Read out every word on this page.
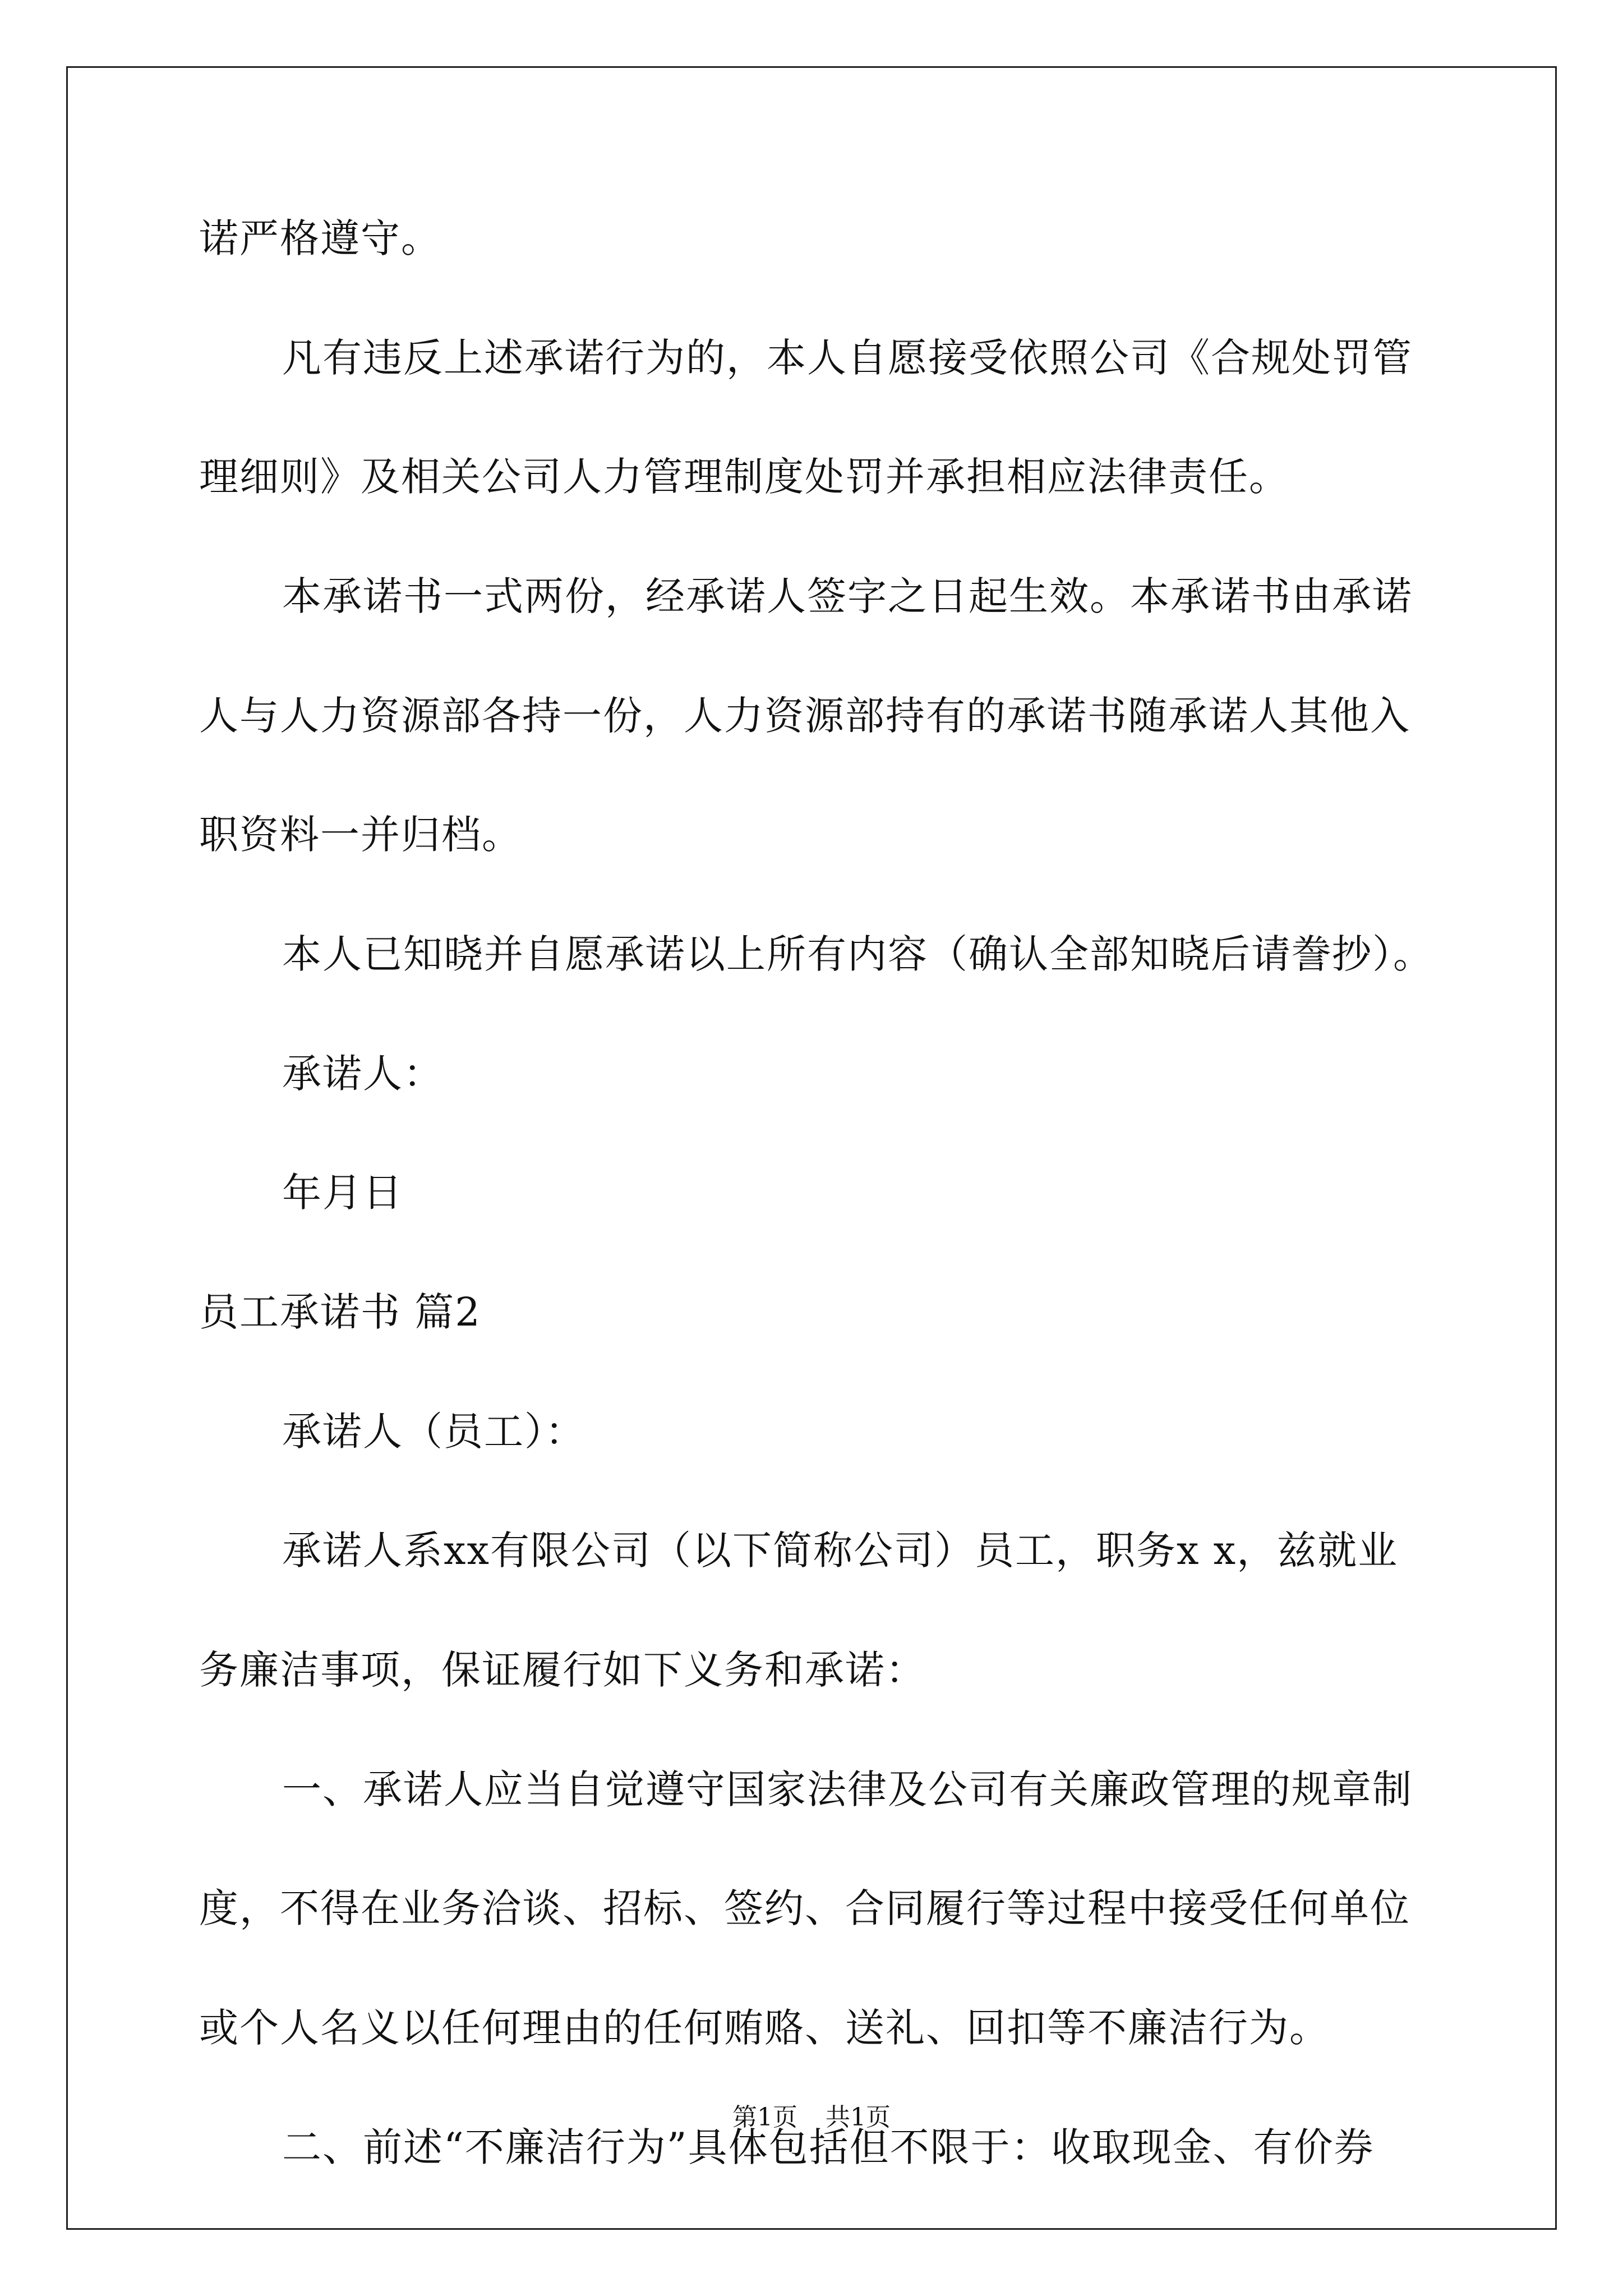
诺严格遵守。
凡有违反上述承诺行为的，本人自愿接受依照公司《合规处罚管
理细则》及相关公司人力管理制度处罚并承担相应法律责任。
本承诺书一式两份，经承诺人签字之日起生效。本承诺书由承诺
人与人力资源部各持一份，人力资源部持有的承诺书随承诺人其他入
职资料一并归档。
本人已知晓并自愿承诺以上所有内容（确认全部知晓后请誊抄）。
承诺人：
年月日
员工承诺书 篇2
承诺人（员工）：
承诺人系xx有限公司（以下简称公司）员工，职务x x，兹就业
务廉洁事项，保证履行如下义务和承诺：
一、承诺人应当自觉遵守国家法律及公司有关廉政管理的规章制
度，不得在业务洽谈、招标、签约、合同履行等过程中接受任何单位
或个人名义以任何理由的任何贿赂、送礼、回扣等不廉洁行为。
二、前述“不廉洁行为”具体包括但不限于：收取现金、有价券
第1页 共1页
